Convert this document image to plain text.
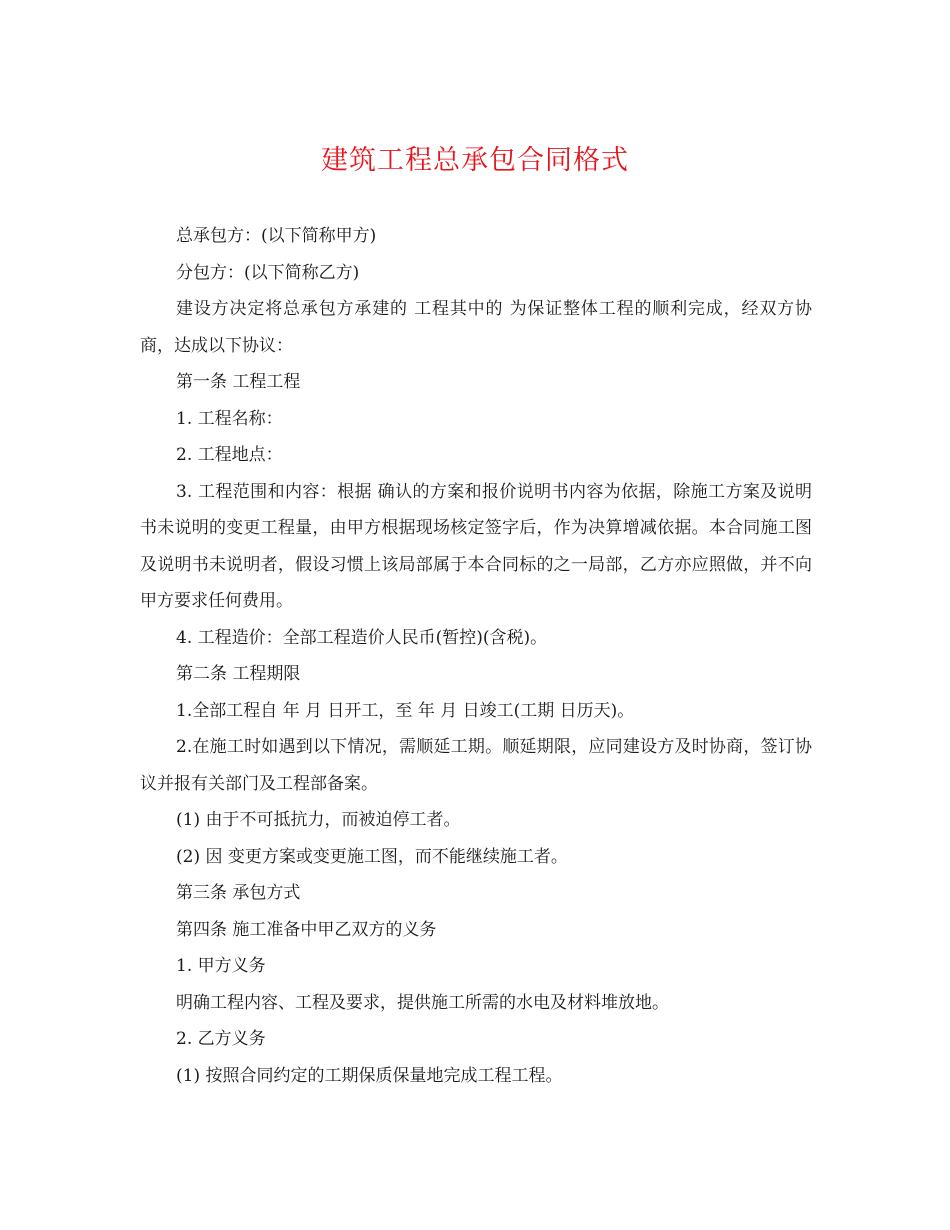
建筑工程总承包合同格式

总承包方：(以下简称甲方)

分包方：(以下简称乙方)

建设方决定将总承包方承建的 工程其中的 为保证整体工程的顺利完成，经双方协商，达成以下协议：

第一条 工程工程

1. 工程名称：

2. 工程地点：

3. 工程范围和内容：根据 确认的方案和报价说明书内容为依据，除施工方案及说明书未说明的变更工程量，由甲方根据现场核定签字后，作为决算增减依据。本合同施工图及说明书未说明者，假设习惯上该局部属于本合同标的之一局部，乙方亦应照做，并不向甲方要求任何费用。

4. 工程造价：全部工程造价人民币(暂控)(含税)。

第二条 工程期限

1.全部工程自 年 月 日开工，至 年 月 日竣工(工期 日历天)。

2.在施工时如遇到以下情况，需顺延工期。顺延期限，应同建设方及时协商，签订协议并报有关部门及工程部备案。

(1) 由于不可抵抗力，而被迫停工者。

(2) 因 变更方案或变更施工图，而不能继续施工者。

第三条 承包方式

第四条 施工准备中甲乙双方的义务

1. 甲方义务

明确工程内容、工程及要求，提供施工所需的水电及材料堆放地。

2. 乙方义务

(1) 按照合同约定的工期保质保量地完成工程工程。
